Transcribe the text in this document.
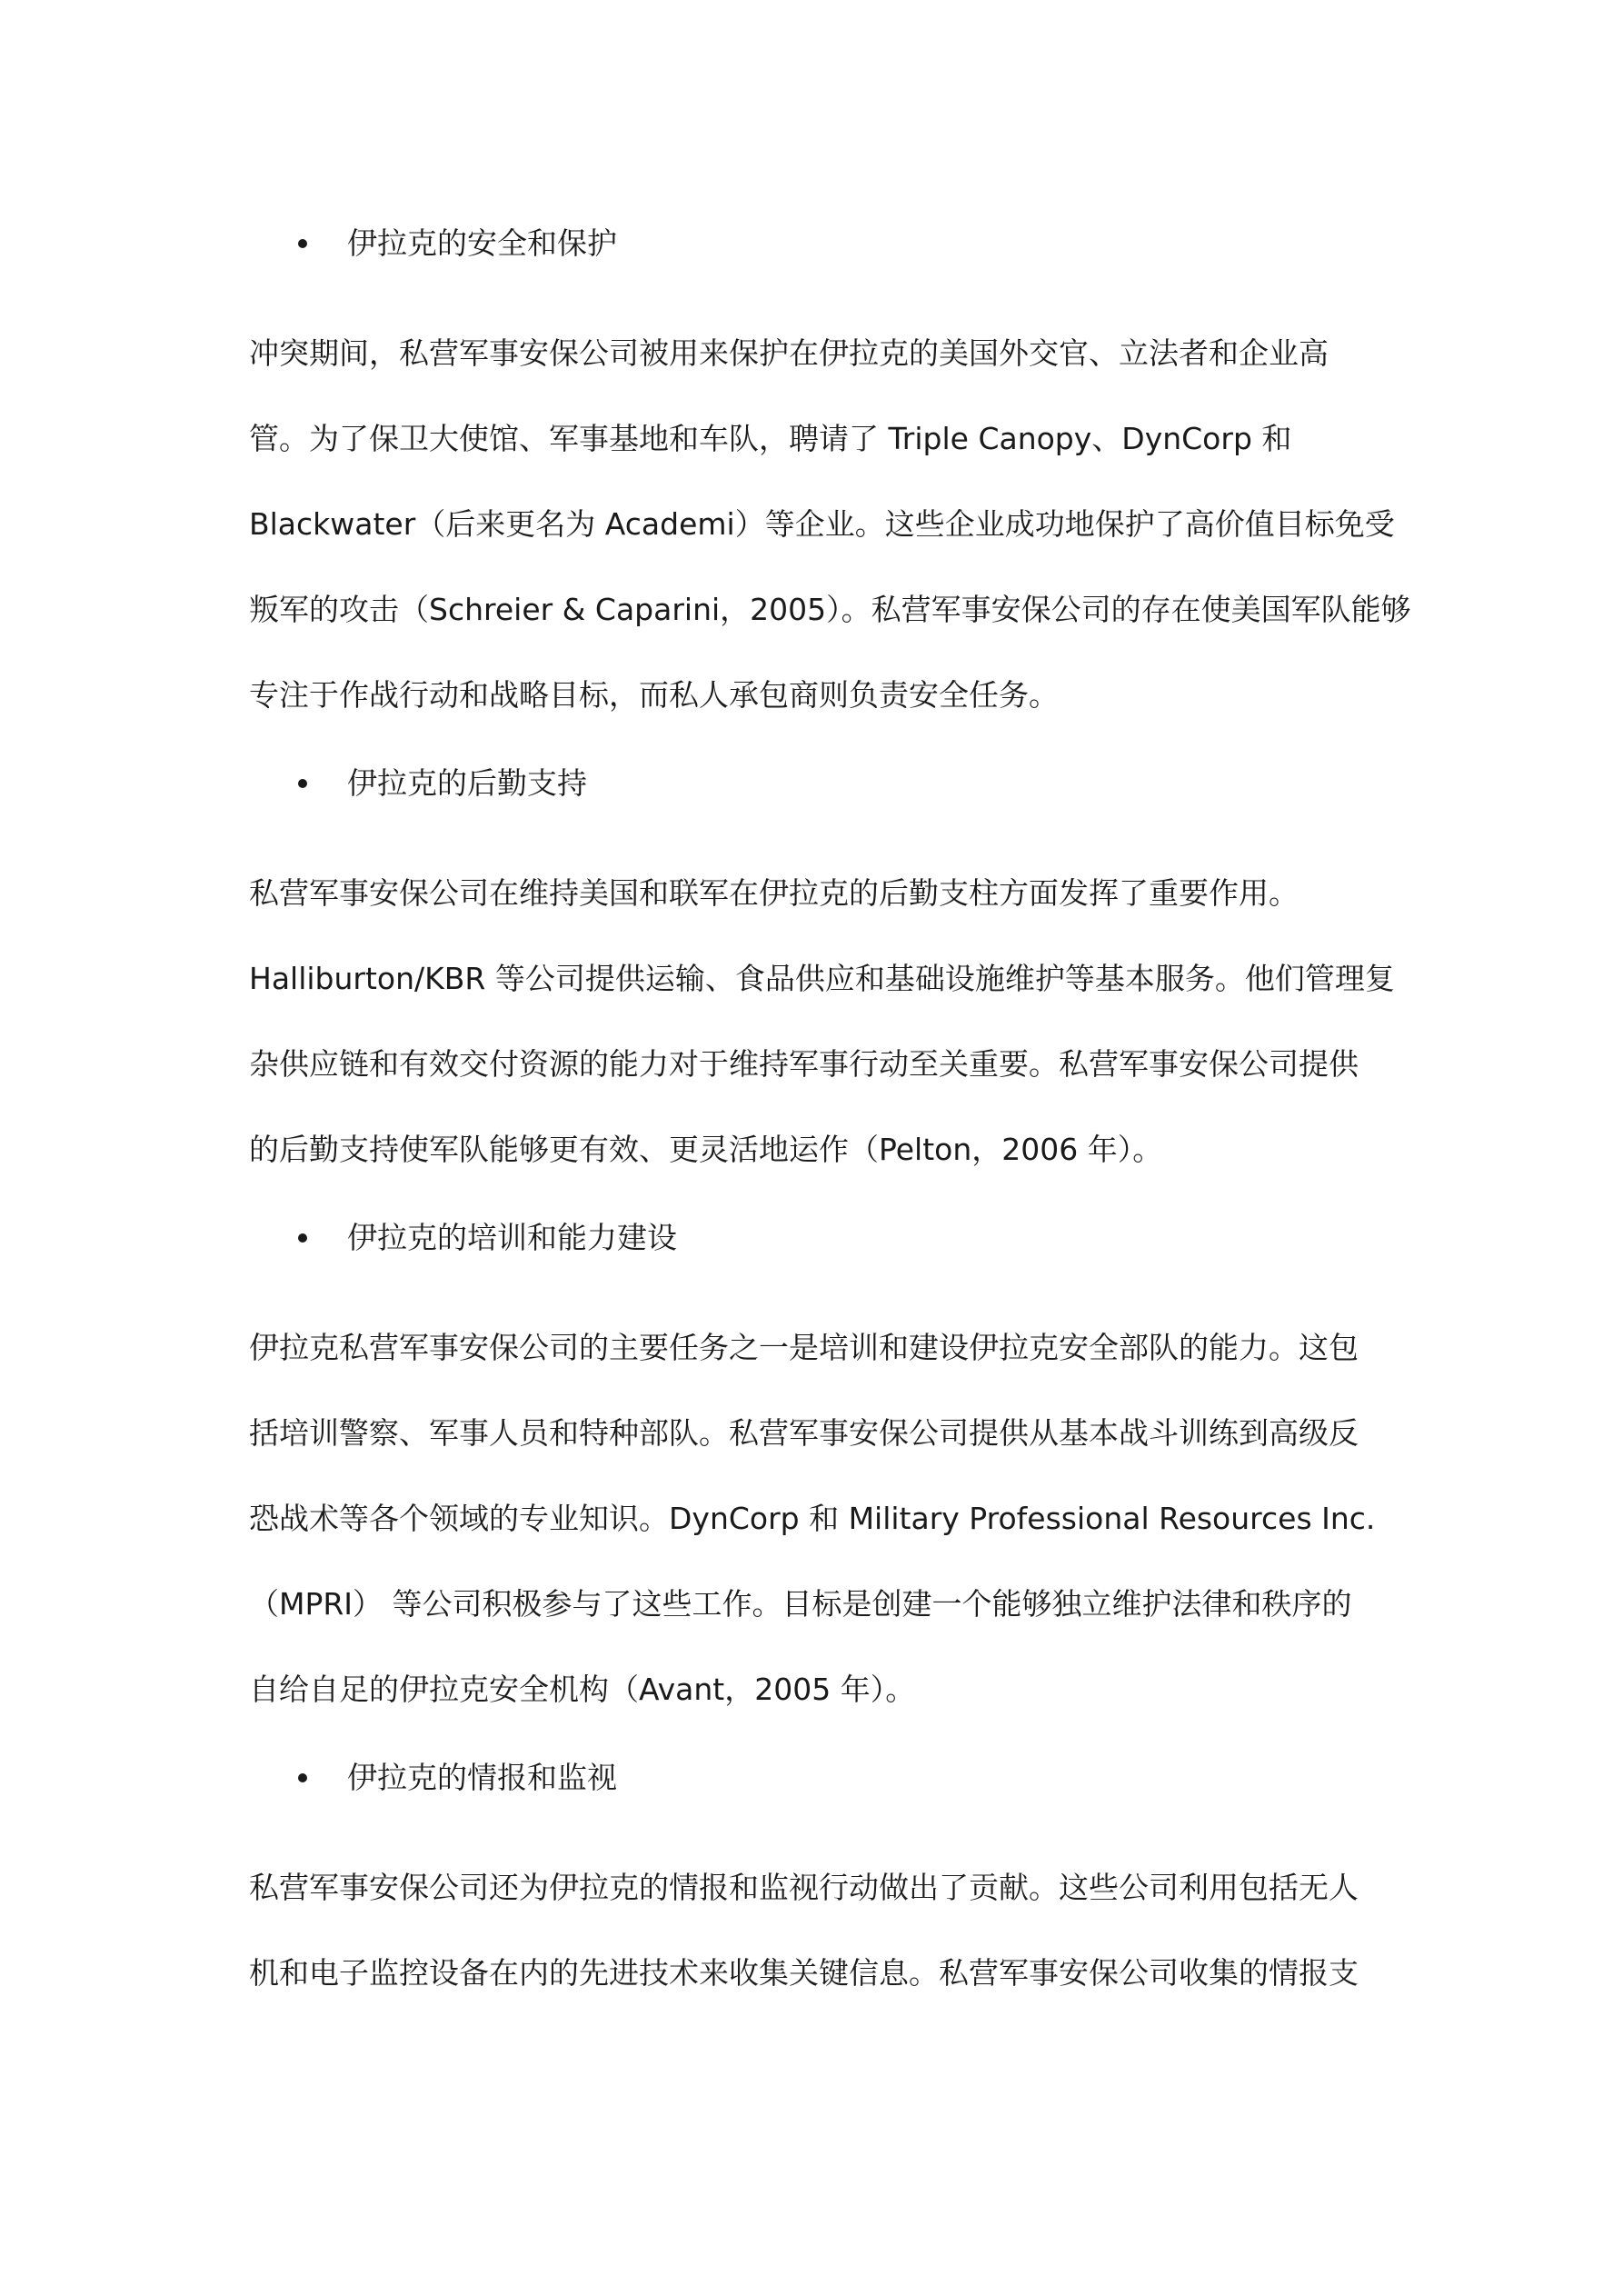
伊拉克的安全和保护
冲突期间，私营军事安保公司被用来保护在伊拉克的美国外交官、立法者和企业高
管。为了保卫大使馆、军事基地和车队，聘请了 Triple Canopy、DynCorp 和
Blackwater（后来更名为 Academi）等企业。这些企业成功地保护了高价值目标免受
叛军的攻击（Schreier & Caparini，2005）。私营军事安保公司的存在使美国军队能够
专注于作战行动和战略目标，而私人承包商则负责安全任务。
伊拉克的后勤支持
私营军事安保公司在维持美国和联军在伊拉克的后勤支柱方面发挥了重要作用。
Halliburton/KBR 等公司提供运输、食品供应和基础设施维护等基本服务。他们管理复
杂供应链和有效交付资源的能力对于维持军事行动至关重要。私营军事安保公司提供
的后勤支持使军队能够更有效、更灵活地运作（Pelton，2006 年）。
伊拉克的培训和能力建设
伊拉克私营军事安保公司的主要任务之一是培训和建设伊拉克安全部队的能力。这包
括培训警察、军事人员和特种部队。私营军事安保公司提供从基本战斗训练到高级反
恐战术等各个领域的专业知识。DynCorp 和 Military Professional Resources Inc.
（MPRI） 等公司积极参与了这些工作。目标是创建一个能够独立维护法律和秩序的
自给自足的伊拉克安全机构（Avant，2005 年）。
伊拉克的情报和监视
私营军事安保公司还为伊拉克的情报和监视行动做出了贡献。这些公司利用包括无人
机和电子监控设备在内的先进技术来收集关键信息。私营军事安保公司收集的情报支
